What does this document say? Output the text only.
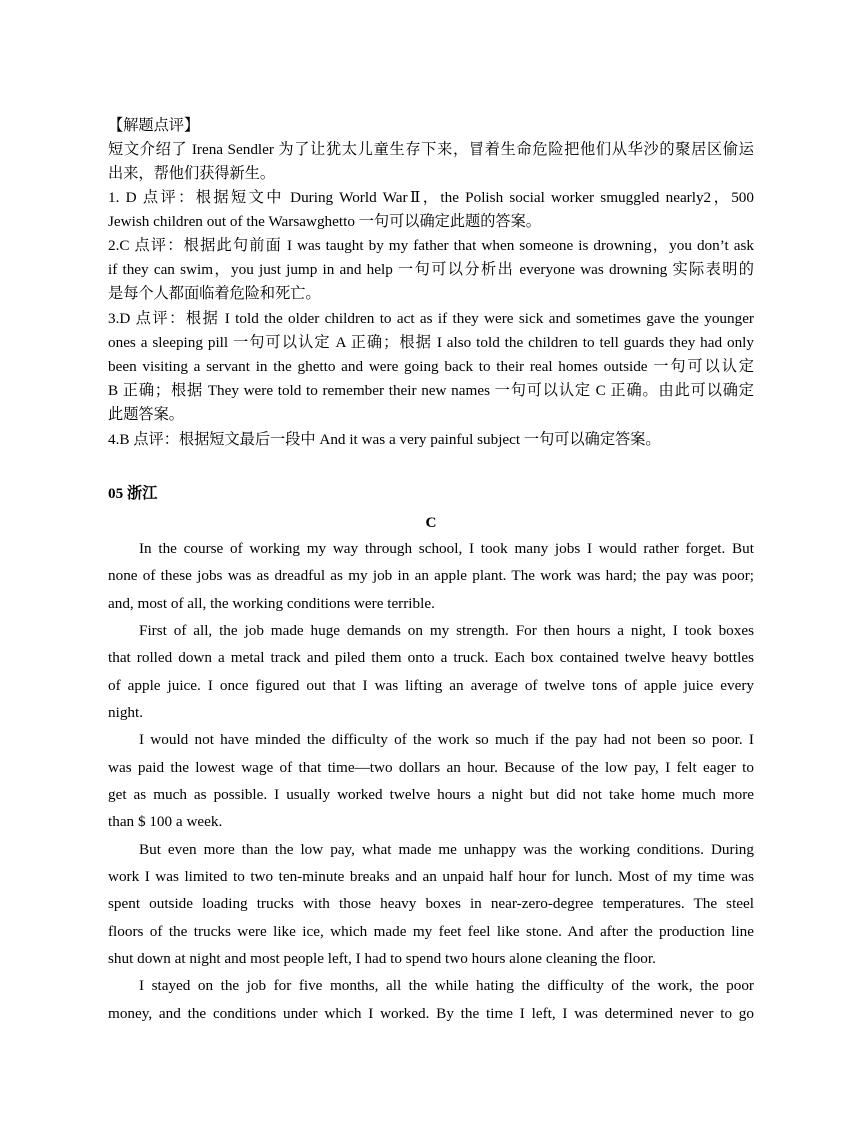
【解题点评】
短文介绍了 Irena Sendler 为了让犹太儿童生存下来，冒着生命危险把他们从华沙的聚居区偷运
出来，帮他们获得新生。
1. D 点评：根据短文中 During World WarⅡ，the Polish social worker smuggled nearly2，500
Jewish children out of the Warsawghetto 一句可以确定此题的答案。
2.C 点评：根据此句前面 I was taught by my father that when someone is drowning，you don’t ask
if they can swim，you just jump in and help 一句可以分析出 everyone was drowning 实际表明的
是每个人都面临着危险和死亡。
3.D 点评：根据 I told the older children to act as if they were sick and sometimes gave the younger
ones a sleeping pill 一句可以认定 A 正确；根据 I also told the children to tell guards they had only
been visiting a servant in the ghetto and were going back to their real homes outside 一句可以认定
B 正确；根据 They were told to remember their new names 一句可以认定 C 正确。由此可以确定
此题答案。
4.B 点评：根据短文最后一段中 And it was a very painful subject 一句可以确定答案。
05 浙江
C
In the course of working my way through school, I took many jobs I would rather forget. But
none of these jobs was as dreadful as my job in an apple plant. The work was hard; the pay was poor;
and, most of all, the working conditions were terrible.
First of all, the job made huge demands on my strength. For then hours a night, I took boxes
that rolled down a metal track and piled them onto a truck. Each box contained twelve heavy bottles
of apple juice. I once figured out that I was lifting an average of twelve tons of apple juice every
night.
I would not have minded the difficulty of the work so much if the pay had not been so poor. I
was paid the lowest wage of that time—two dollars an hour. Because of the low pay, I felt eager to
get as much as possible. I usually worked twelve hours a night but did not take home much more
than $ 100 a week.
But even more than the low pay, what made me unhappy was the working conditions. During
work I was limited to two ten-minute breaks and an unpaid half hour for lunch. Most of my time was
spent outside loading trucks with those heavy boxes in near-zero-degree temperatures. The steel
floors of the trucks were like ice, which made my feet feel like stone. And after the production line
shut down at night and most people left, I had to spend two hours alone cleaning the floor.
I stayed on the job for five months, all the while hating the difficulty of the work, the poor
money, and the conditions under which I worked. By the time I left, I was determined never to go
